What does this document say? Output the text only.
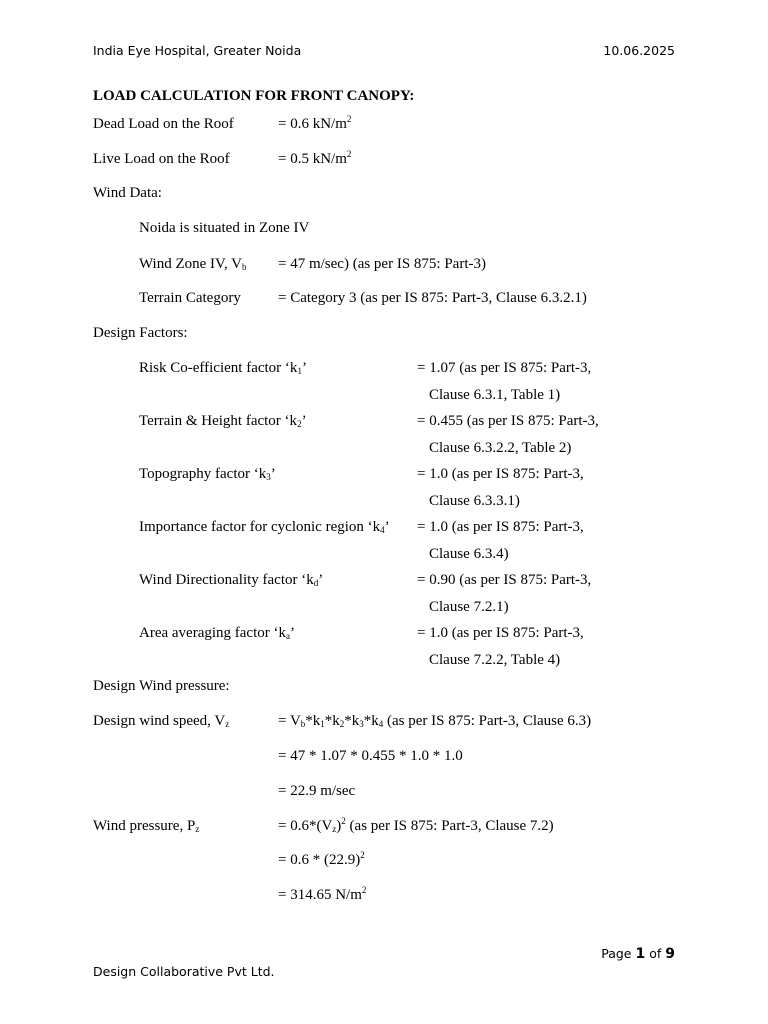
India Eye Hospital, Greater Noida	10.06.2025
LOAD CALCULATION FOR FRONT CANOPY:
Dead Load on the Roof	= 0.6 $kN/m^2$
Live Load on the Roof	= 0.5 $kN/m^2$
Wind Data:
Noida is situated in Zone IV
Wind Zone IV, $V_b = 47$ m/sec) (as per IS 875: Part-3)
Terrain Category = Category 3 (as per IS 875: Part-3, Clause 6.3.2.1)
Design Factors:
Risk Co-efficient factor ‘$k_1$’	= 1.07 (as per IS 875: Part-3,
Clause 6.3.1, Table 1)
Terrain & Height factor ‘$k_2$’	= 0.455 (as per IS 875: Part-3,
Clause 6.3.2.2, Table 2)
Topography factor ‘$k_3$’	= 1.0 (as per IS 875: Part-3,
Clause 6.3.3.1)
Importance factor for cyclonic region ‘$k_4$’ = 1.0 (as per IS 875: Part-3,
Clause 6.3.4)
Wind Directionality factor ‘$k_d$’	= 0.90 (as per IS 875: Part-3,
Clause 7.2.1)
Area averaging factor ‘$k_a$’	= 1.0 (as per IS 875: Part-3,
Clause 7.2.2, Table 4)
Design Wind pressure:
Design wind speed, $V_z$	= $V_b*k_1*k_2*k_3*k_4$ (as per IS 875: Part-3, Clause 6.3)
= 47 * 1.07 * 0.455 * 1.0 * 1.0
= 22.9 m/sec
Wind pressure, $P_z$	= $0.6*(V_z)^2$ (as per IS 875: Part-3, Clause 7.2)
= $0.6 * (22.9)^2$
= 314.65 $N/m^2$
Page 1 of 9
Design Collaborative Pvt Ltd.
